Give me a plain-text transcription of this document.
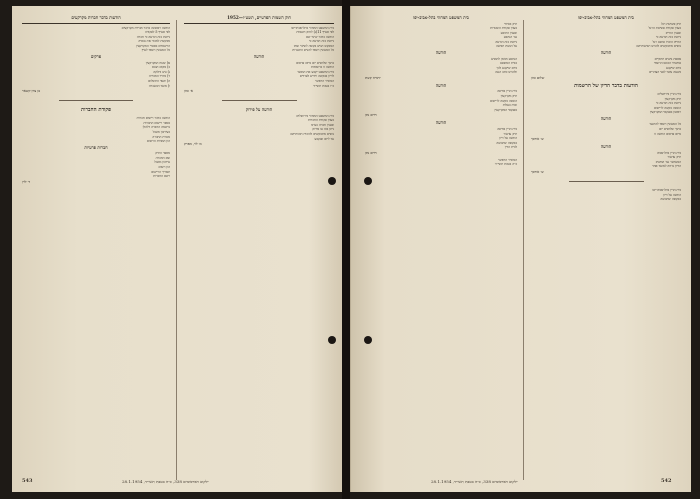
חוק השמות הפרטיים, תשט״ו—1952
בית המשפט המחוזי בתל-אביב-יפו
לפי סעיף 11(ג) לחוק השמות
הודעה בדבר שינוי שם
ניתנת בזה הודעה כי
המבקש הגיש בקשה לשינוי שמו
כל המעונין רשאי להגיש התנגדות
הודעה
בתוך שלושים יום מיום פרסום
הודעה זו ברשומות
בית המשפט יקבע את המועד
לדיון בבקשה ויודיע לצדדים
המזכיר הראשי
כ״ו בטבת תשי״ד
א׳ כהן
הודעה על פירוק
בית המשפט המחוזי בירושלים
בענין פקודת החברות
ובענין חברה בע״מ
ניתן בזה צו פירוק
נושים מתבקשים להוכיח חובותיהם
עד ליום שנקבע
מ׳ לוי, מפרק
הודעות בדבר חברות מקרקעים
הודעה ראשונה בדבר מכירת מקרקעים
לפי סעיף 5 לפקודה
ניתנת בזה הודעה כי חברה
מבקשת למכור את נכסיה
הרשומים בספרי המקרקעין
כל המעונין רשאי לעיין
פרקים
א) שטח המקרקעין
ב) מקום הנכס
ג) גוש וחלקה
ד) מחיר המכירה
ה) תנאי התשלום
ו) מועד ההעברה
בן ציון קשאר
פקודת החברות
הודעה בדבר רישום חברות
בספר רישום החברות
נרשמה החברה דלהלן
בעירבון מוגבל
מטרת החברה
הון המניות הרשום
חברות פרטיות
מספר התיק
שם החברה
עירבון מוגבל
הון רשום
תאריך הרישום
רשם החברות
ד׳ לוין
543	ילקוט הפרסומים 338, כ״ה בטבת תשי״ד, 28.1.1954
בית המשפט המחוזי בתל-אביב-יפו
תיק פשיטת רגל
בענין פקודת פשיטת הרגל
ובענין החייב
ניתנת בזה הודעה כי
החייב הוכרז פושט רגל
נושים מתבקשים להגיש תביעותיהם
הודעה
אספת נושים תתקיים
במשרד הכונס הרשמי
ביום שיקבע
בשעה עשר לפני הצהרים
שלום כהן
הודעות בדבר הדיון של הרשמות
בית הדין בירושלים
תיק מקרקעין
ניתנת בזה הודעה כי
הוגשה בקשה לרישום
ראשון בפנקסי המקרקעין
הודעה
כל המעונין רשאי להתנגד
בתוך שלושים יום
מיום פרסום הודעה זו
ש׳ אורבך
הודעה
בית הדין בתל-אביב
תיק ערעור
המערער נגד המשיב
הדיון נדחה למועד אחר
ש׳ אורבך
בית הדין בתל-אביב-יפו
הודעה על דיון
בבקשה שהוגשה
בית המשפט המחוזי בתל-אביב-יפו
תיק אזרחי
בענין פקודת השטרות
ובענין התובע
נגד הנתבע
ניתנת בזה הודעה
על הגשת תביעה
הודעה
הנתבע מוזמן להופיע
בבית המשפט
ביום שיקבע לכך
ולהגיש כתב הגנה
יהודה קשת
הודעה
בית הדין בחיפה
תיק מקרקעין
הוגשה בקשה לרישום
זכות בעלות
בפנקסי המקרקעין
חיים נתן
הודעה
בית הדין בחיפה
תיק ערעור
הודעה על דיון
בבקשה שהוגשה
לבית הדין
חיים נתן
המזכיר הראשי
כ״ה בטבת תשי״ד
542
ילקוט הפרסומים 338, כ״ה בטבת תשי״ד, 28.1.1954
